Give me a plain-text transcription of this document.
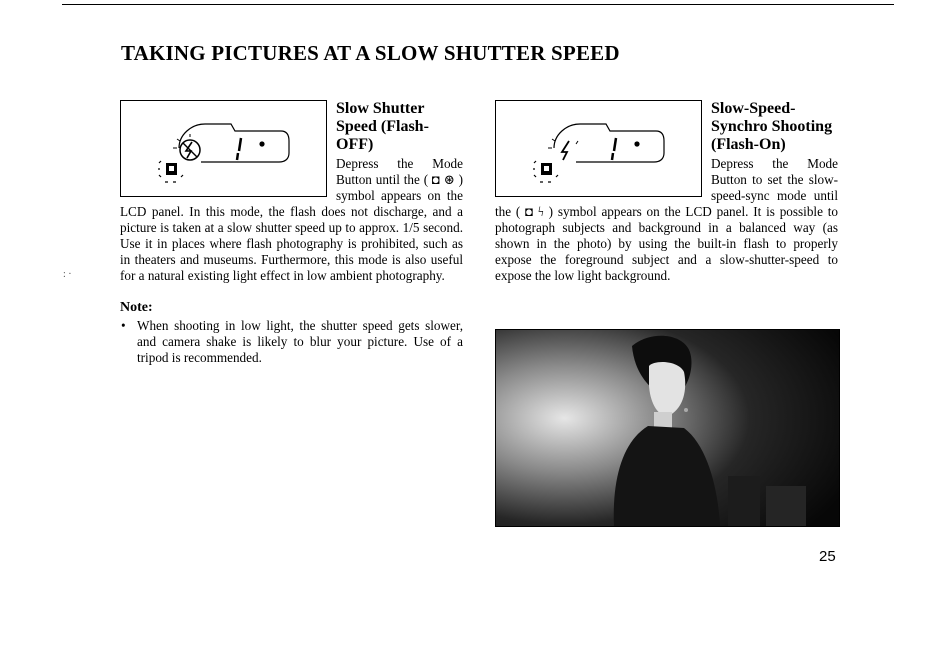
TAKING PICTURES AT A SLOW SHUTTER SPEED
Slow Shutter Speed (Flash-OFF)

Depress the Mode Button until the ( ◘ ⊛ ) symbol appears on the LCD panel. In this mode, the flash does not discharge, and a picture is taken at a slow shutter speed up to approx. 1/5 second. Use it in places where flash photography is prohibited, such as in theaters and museums. Furthermore, this mode is also useful for a natural existing light effect in low ambient photography.

Note:
• When shooting in low light, the shutter speed gets slower, and camera shake is likely to blur your picture. Use of a tripod is recommended.
Slow-Speed-Synchro Shooting (Flash-On)

Depress the Mode Button to set the slow-speed-sync mode until the ( ◘ ϟ ) symbol appears on the LCD panel. It is possible to photograph subjects and background in a balanced way (as shown in the photo) by using the built-in flash to properly expose the foreground subject and a slow-shutter-speed to expose the low light background.

: ·
25
